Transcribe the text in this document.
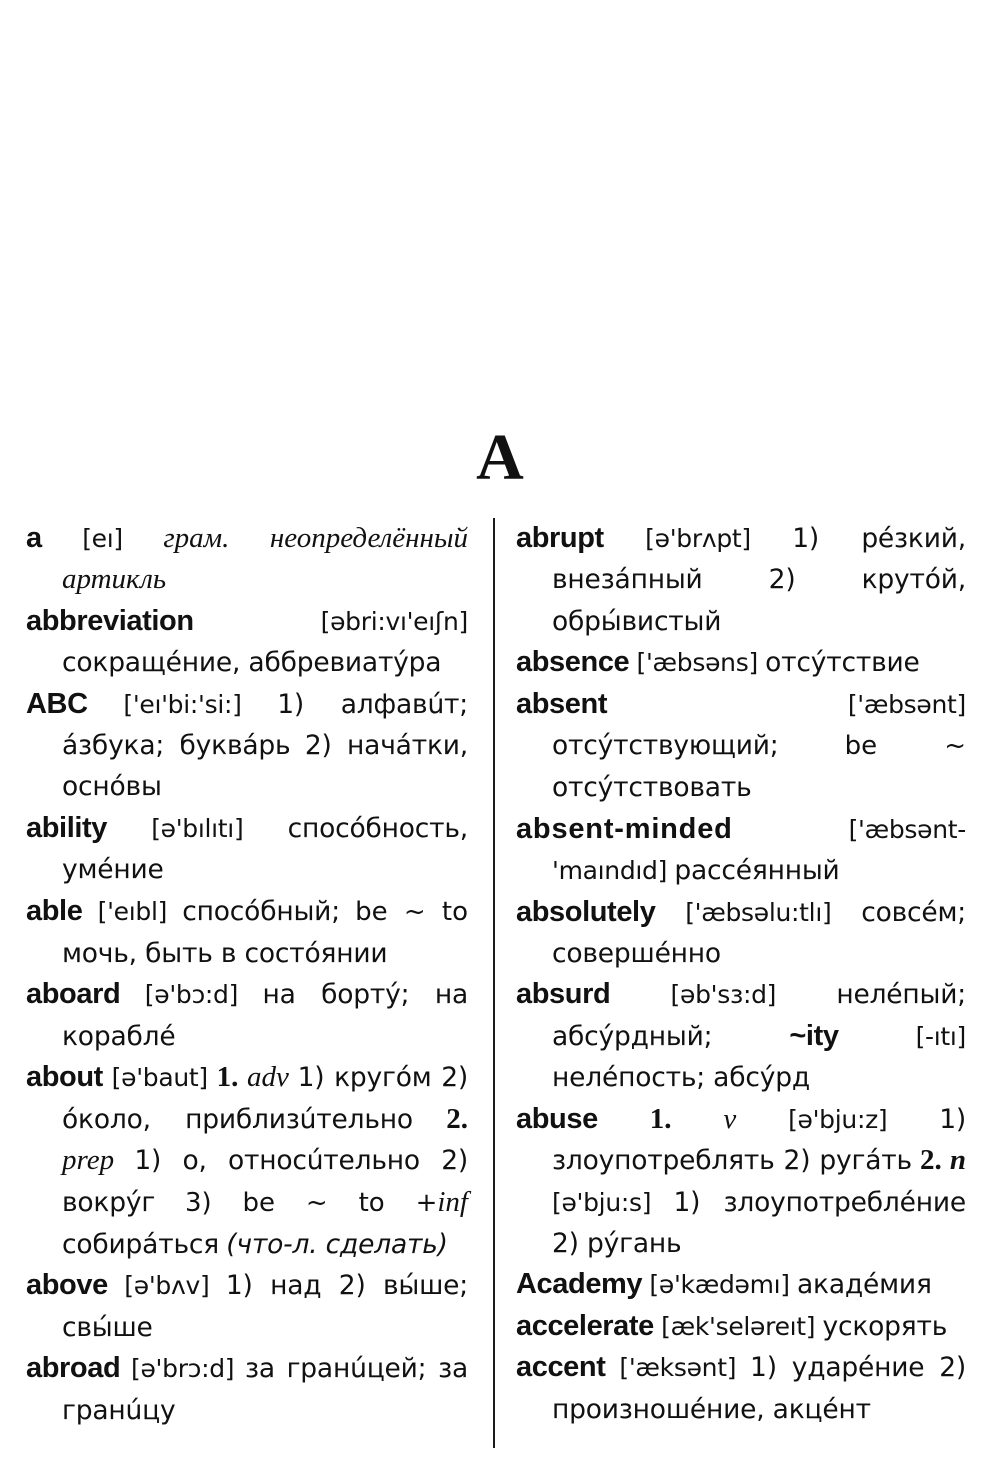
A

a [eı] грам. неопределённый артикль

abbreviation	[əbri:vı'eıʃn] сокращéние, аббревиатýра

ABC ['eı'bi:'si:] 1) алфавúт; áзбука; буквáрь 2) начáтки, оснóвы

ability [ə'bılıtı] спосóбность, умéние

able ['eıbl] спосóбный; be ~ to мочь, быть в состóянии

aboard [ə'bɔ:d] на бортý; на кораблé

about [ə'baut] 1. adv 1) кругóм 2) óколо, приблизúтельно 2. prep 1) о, относúтельно 2) вокрýг 3) be ~ to +inf собирáться (что-л. сделать)

above [ə'bʌv] 1) над 2) вы́ше; свы́ше

abroad [ə'brɔ:d] за гранúцей; за гранúцу

abrupt [ə'brʌpt] 1) рéзкий, внезáпный 2) крутóй, обры́вистый

absence ['æbsəns] отсýтствие

absent	['æbsənt] отсýтствующий;	be ~ отсýтствовать

absent-minded	['æbsənt-'maındıd] рассéянный

absolutely ['æbsəlu:tlı] совсéм; совершéнно

absurd [əb'sɜ:d] нелéпый; абсýрдный;	~ity	[-ıtı] нелéпость; абсýрд

abuse 1. v [ə'bju:z] 1) злоупотреблять 2) ругáть 2. n [ə'bju:s] 1) злоупотреблéние 2) рýгань

Academy [ə'kædəmı] акадéмия

accelerate [æk'seləreıt] ускорять

accent ['æksənt] 1) ударéние 2) произношéние, акцéнт
